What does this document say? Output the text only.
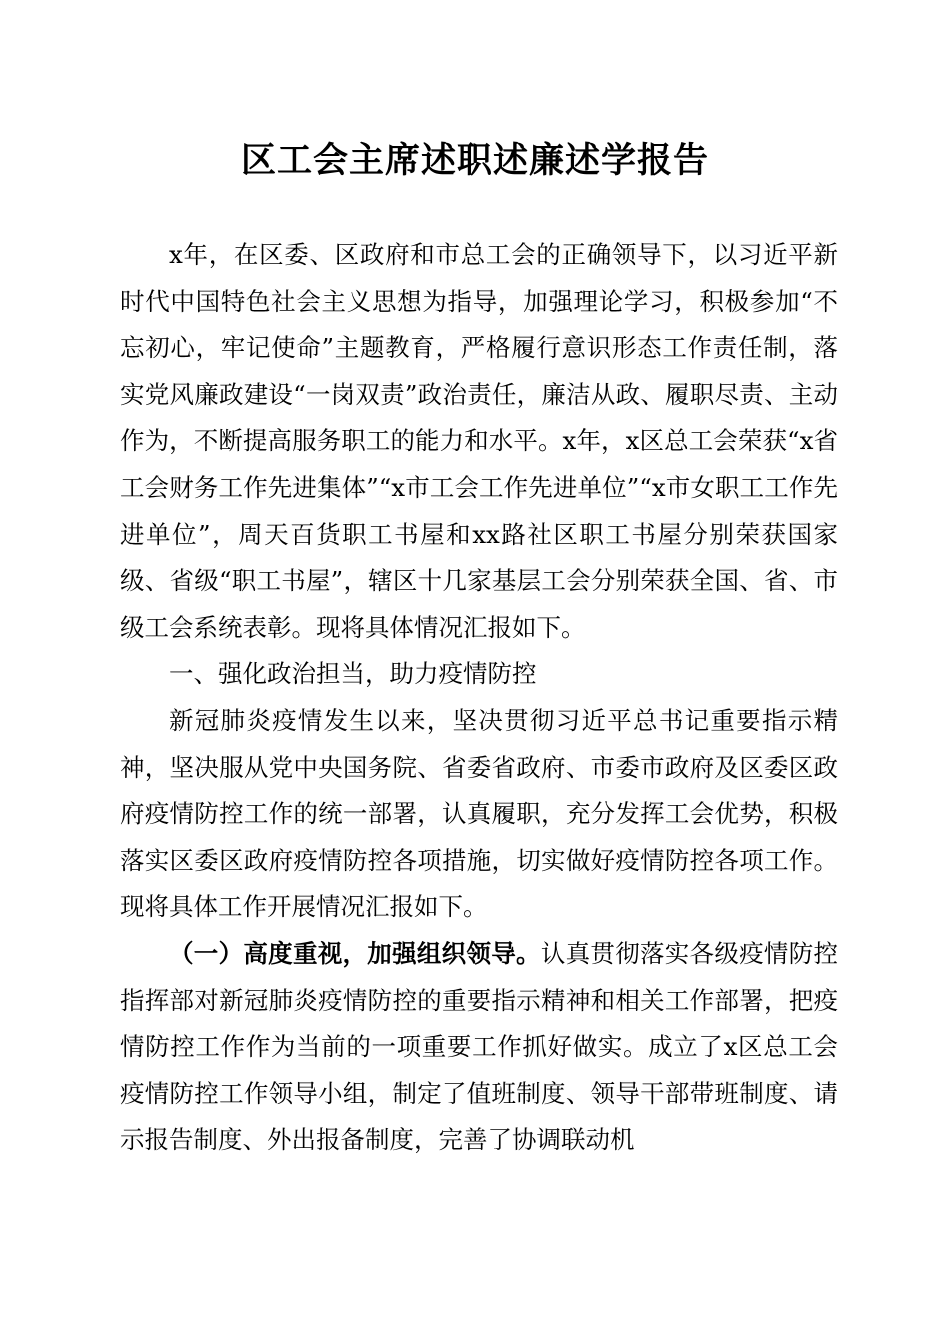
区工会主席述职述廉述学报告

x年，在区委、区政府和市总工会的正确领导下，以习近平新时代中国特色社会主义思想为指导，加强理论学习，积极参加“不忘初心，牢记使命”主题教育，严格履行意识形态工作责任制，落实党风廉政建设“一岗双责”政治责任，廉洁从政、履职尽责、主动作为，不断提高服务职工的能力和水平。x年，x区总工会荣获“x省工会财务工作先进集体”“x市工会工作先进单位”“x市女职工工作先进单位”，周天百货职工书屋和xx路社区职工书屋分别荣获国家级、省级“职工书屋”，辖区十几家基层工会分别荣获全国、省、市级工会系统表彰。现将具体情况汇报如下。

一、强化政治担当，助力疫情防控

新冠肺炎疫情发生以来，坚决贯彻习近平总书记重要指示精神，坚决服从党中央国务院、省委省政府、市委市政府及区委区政府疫情防控工作的统一部署，认真履职，充分发挥工会优势，积极落实区委区政府疫情防控各项措施，切实做好疫情防控各项工作。现将具体工作开展情况汇报如下。

（一）高度重视，加强组织领导。认真贯彻落实各级疫情防控指挥部对新冠肺炎疫情防控的重要指示精神和相关工作部署，把疫情防控工作作为当前的一项重要工作抓好做实。成立了x区总工会疫情防控工作领导小组，制定了值班制度、领导干部带班制度、请示报告制度、外出报备制度，完善了协调联动机
